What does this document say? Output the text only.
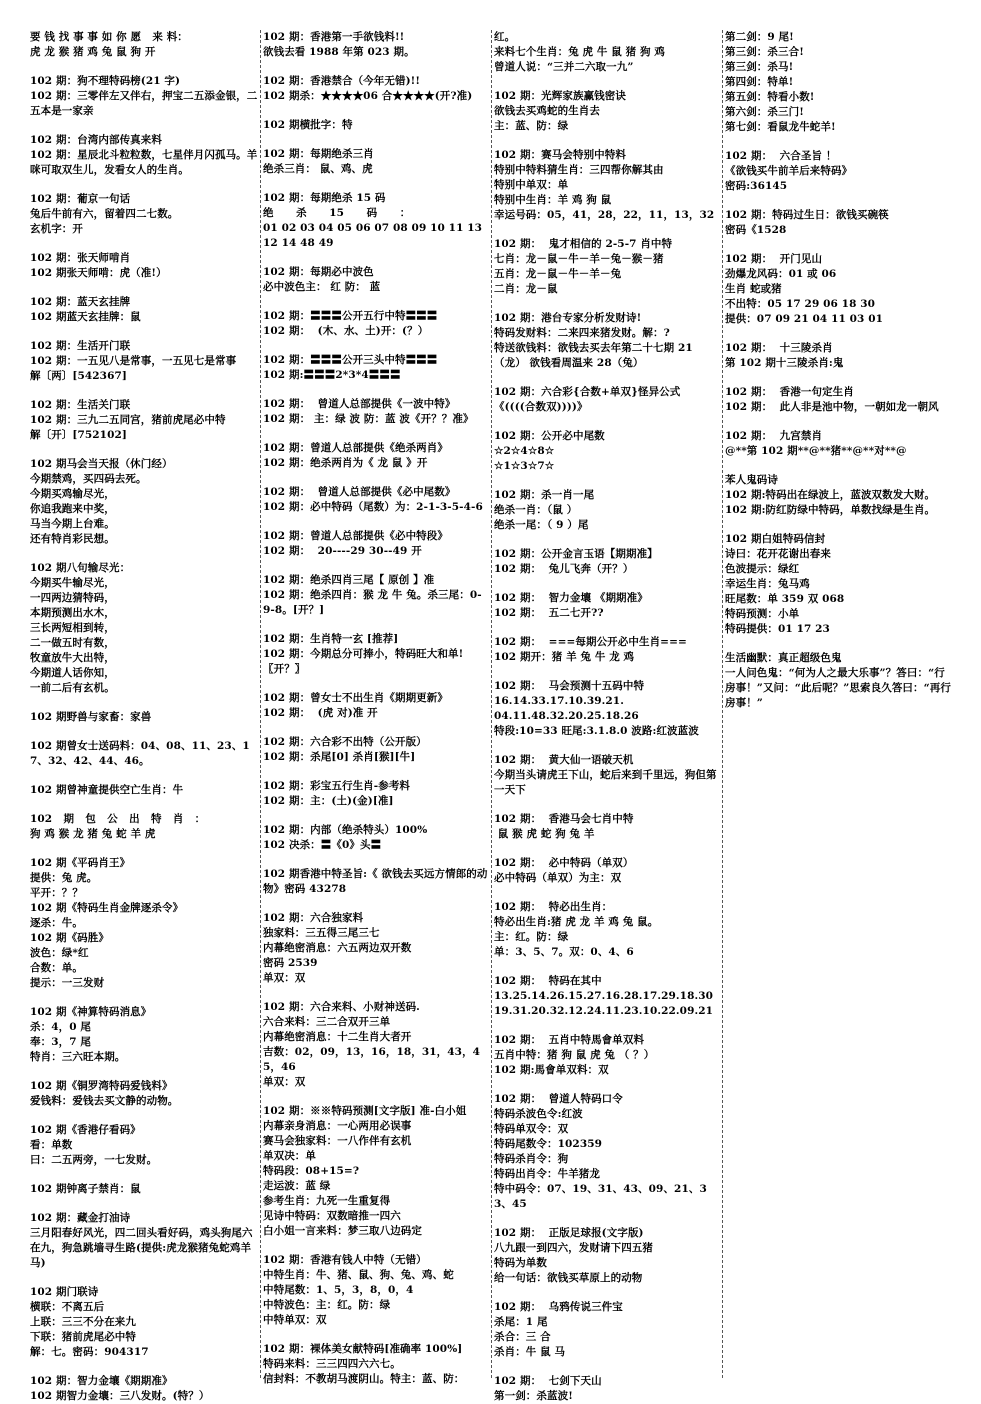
要 钱 找 事 事 如 你 愿   来 料：
虎 龙 猴 猪 鸡 兔 鼠 狗 开
102 期：狗不理特码榜(21 字)
102 期：三零伴左又伴右，押宝二五添金银，二五本是一家亲
102 期：台湾内部传真来料
102 期：星辰北斗粒粒数，七星伴月闪孤马。羊咪可取双生儿，发看女人的生肖。
102 期：葡京一句话
兔后牛前有六，留着四二七数。
玄机字：开
102 期：张天师啃肖
102 期张天师啃：虎（准!）
102 期：蓝天玄挂牌
102 期蓝天玄挂牌：鼠
102 期：生活开门联
102 期：一五见八是常事，一五见七是常事
解〔两〕[542367]
102 期：生活关门联
102 期：三九二五同宫，猪前虎尾必中特
解〔开〕[752102]
102 期马会当天报（休门经）
今期禁鸡，买四码去死。
今期买鸡输尽光，
你追我跑来中奖，
马当今期上台难。
还有特肖彩民想。
102 期八句输尽光：
今期买牛输尽光，
一四两边猜特码，
本期预测出水木，
三长两短相到转，
二一做五时有数，
牧童放牛大出特，
今期道人话你知，
一前二后有玄机。
102 期野兽与家畜：家兽
102 期曾女士送码料：04、08、11、23、17、32、42、44、46。
102 期曾神童提供空亡生肖：牛
102   期   包   公   出   特   肖   ：
狗 鸡 猴 龙 猪 兔 蛇 羊 虎
102 期《平码肖王》
提供：兔 虎。
平开：？？
102 期《特码生肖金牌逐杀令》
逐杀：牛。
102 期《码胜》
波色：绿*红
合数：单。
提示：一三发财
102 期《神算特码消息》
杀：4，0 尾
奉：3，7 尾
特肖：三六旺本期。
102 期《铜罗湾特码爱钱料》
爱钱料：爱钱去买文静的动物。
102 期《香港仔看码》
看：单数
曰：二五两旁，一七发财。
102 期钟离子禁肖：鼠
102 期：藏金打油诗
三月阳春好风光，四二回头看好码，鸡头狗尾六在九，狗急跳墙寻生路(提供:虎龙猴猪兔蛇鸡羊马)
102 期门联诗
横联：不离五后
上联：三三不分在来九
下联：猪前虎尾必中特
解：七。密码：904317
102 期：智力金壤《期期准》
102 期智力金壤：三八发财。(特？）
102 期：香港第一手欲钱料!!
欲钱去看 1988 年第 023 期。
102 期：香港禁合（今年无错)!!
102 期杀：★★★★06 合★★★★(开?准)
102 期横批字：特
102 期：每期绝杀三肖
绝杀三肖： 鼠、鸡、虎
102 期：每期绝杀 15 码
绝      杀      15      码      ：
01 02 03 04 05 06 07 08 09 10 11 13 12 14 48 49
102 期：每期必中波色
必中波色主： 红 防： 蓝
102 期：〓〓〓公开五行中特〓〓〓
102 期：  (木、水、土)开：(？）
102 期：〓〓〓公开三头中特〓〓〓
102 期:〓〓〓2*3*4〓〓〓
102 期：  曾道人总部提供《一波中特》
102 期： 主：绿 波 防：蓝 波《开？？准》
102 期：曾道人总部提供《绝杀两肖》
102 期：绝杀两肖为《 龙 鼠 》开
102 期：  曾道人总部提供《必中尾数》
102 期：必中特码（尾数）为：2-1-3-5-4-6
102 期：曾道人总部提供《必中特段》
102 期：  20----29 30--49 开
102 期：绝杀四肖三尾【 原创 】准
102 期：绝杀四肖：猴 龙 牛 兔。杀三尾：0-9-8。[开？]
102 期：生肖特一玄 [推荐]
102 期：今期总分可捧小，特码旺大和单!〖开？〗
102 期：曾女士不出生肖《期期更新》
102 期：  (虎 对)准 开
102 期：六合彩不出特（公开版）
102 期：杀尾[0] 杀肖[猴][牛]
102 期：彩宝五行生肖-参考料
102 期：主：(土)(金)[准]
102 期：内部（绝杀特头）100%
102 决杀：〓《0》头〓
102 期香港中特圣旨:《 欲钱去买远方情郎的动物》密码 43278
102 期：六合独家料
独家料：三五得三尾三七
内幕绝密消息：六五两边双开数
密码 2539
单双：双
102 期：六合来料、小财神送码.
六合来料：三二合双开三单
内幕绝密消息：十二生肖大者开
吉数：02，09，13，16，18，31，43，45，46
单双：双
102 期：※※特码预测[文字版] 准-白小姐
内幕亲身消息：一心两用必误事
赛马会独家料：一八作伴有玄机
单双决：单
特码段：08+15=?
走运波：蓝 绿
参考生肖：九死一生重复得
见诗中特码：双数暗推一四六
白小姐一言来料：梦三取八边码定
102 期：香港有钱人中特（无错）
中特生肖：牛、猪、鼠、狗、兔、鸡、蛇
中特尾数：1、5，3，8，0，4
中特波色：主：红。防：绿
中特单双：双
102 期：裸体美女献特码[准确率 100%]
特码来料：三三四四六六七。
信封料：不教胡马渡阴山。特主：蓝、防：
红。
来料七个生肖：兔 虎 牛 鼠 猪 狗 鸡
曾道人说：“三并二六取一九”
102 期：光辉家族赢钱密诀
欲钱去买鸡蛇的生肖去
主：蓝、防：绿
102 期：赛马会特别中特料
特别中特料猜生肖：三四帮你解其由
特别中单双：单
特别中生肖：羊 鸡 狗 鼠
幸运号码：05，41，28，22，11，13，32
102 期：  鬼才相信的 2-5-7 肖中特
七肖：龙－鼠－牛－羊－兔－猴－猪
五肖：龙－鼠－牛－羊－兔
二肖：龙－鼠
102 期：港台专家分析发财诗!
特码发财料：二来四来猪发财。解：?
特送欲钱料：欲钱去买去年第二十七期 21（龙） 欲钱看周温来 28（兔）
102 期：六合彩{合数+单双}怪异公式
《((((合数双))))》
102 期：公开必中尾数
☆2☆4☆8☆
☆1☆3☆7☆
102 期：杀一肖一尾
绝杀一肖：（鼠 ）
绝杀一尾：（ 9 ）尾
102 期：公开金言玉语【期期准】
102 期：  兔儿飞奔（开？）
102 期：  智力金壤 《期期准》
102 期：  五二七开??
102 期：  ===每期公开必中生肖===
102 期开：猪 羊 兔 牛 龙 鸡
102 期：  马会预测十五码中特
16.14.33.17.10.39.21.
04.11.48.32.20.25.18.26
特段:10=33 旺尾:3.1.8.0 波路:红波蓝波
102 期：  黄大仙一语破天机
今期当头请虎王下山，蛇后来到千里远，狗但第一天下
102 期：  香港马会七肖中特
鼠 猴 虎 蛇 狗 兔 羊
102 期：  必中特码（单双）
必中特码（单双）为主：双
102 期：  特必出生肖：
特必出生肖:猪 虎 龙 羊 鸡 兔 鼠。
主：红。防：绿
单：3、5、7。双：0、4、6
102 期：  特码在其中
13.25.14.26.15.27.16.28.17.29.18.30
19.31.20.32.12.24.11.23.10.22.09.21
102 期：  五肖中特馬會单双料
五肖中特：猪 狗 鼠 虎 兔 （ ？）
102 期:馬會单双料：双
102 期：  曾道人特码口令
特码杀波色令:红波
特码单双令：双
特码尾数令：102359
特码杀肖令：狗
特码出肖令：牛羊猪龙
特中码令：07、19、31、43、09、21、33、45
102 期：  正版足球报(文字版)
八九跟一到四六，发财请下四五猪
特码为单数
给一句话：欲钱买草原上的动物
102 期：  乌鸦传说三件宝
杀尾：1 尾
杀合：三 合
杀肖：牛 鼠 马
102 期：  七剑下天山
第一剑：杀蓝波!
第二剑：9 尾!
第三剑：杀三合!
第三剑：杀马!
第四剑：特单!
第五剑：特看小数!
第六剑：杀三门!
第七剑：看鼠龙牛蛇羊!
102 期：  六合圣旨 ！
《欲钱买牛前羊后来特码》
密码:36145
102 期：特码过生日：欲钱买碗筷
密码《1528
102 期：  开门见山
劲爆龙风码：01 或 06
生肖 蛇或猪
不出特：05 17 29 06 18 30
提供：07 09 21 04 11 03 01
102 期：  十三陵杀肖
第 102 期十三陵杀肖:鬼
102 期：  香港一句定生肖
102 期：  此人非是池中物，一朝如龙一朝风
102 期：  九宫禁肖
@**第 102 期**@**猪**@**对**@
苯人鬼码诗
102 期:特码出在绿波上，蓝波双数发大财。
102 期:防红防绿中特码，单数找绿是生肖。
102 期白姐特码信封
诗曰：花开花谢出春来
色波提示：绿红
幸运生肖：兔马鸡
旺尾数：单 359 双 068
特码预测：小单
特码提供：01 17 23
生活幽默：真正超级色鬼
一人问色鬼：“何为人之最大乐事”？答曰：“行房事！”又问：“此后呢？”思索良久答曰：“再行房事！”
